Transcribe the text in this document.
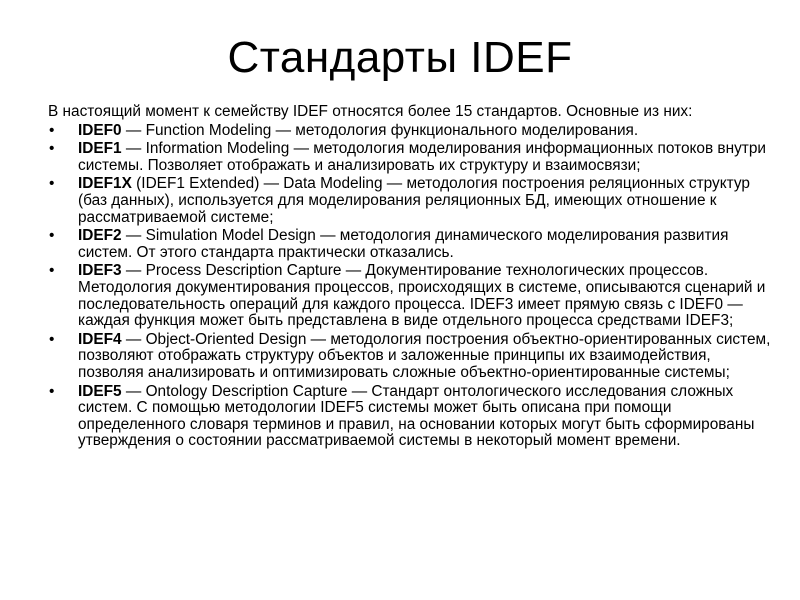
Стандарты IDEF

В настоящий момент к семейству IDEF относятся более 15 стандартов. Основные из них:

• IDEF0 — Function Modeling — методология функционального моделирования.
• IDEF1 — Information Modeling — методология моделирования информационных потоков внутри системы. Позволяет отображать и анализировать их структуру и взаимосвязи;
• IDEF1X (IDEF1 Extended) — Data Modeling — методология построения реляционных структур (баз данных), используется для моделирования реляционных БД, имеющих отношение к рассматриваемой системе;
• IDEF2 — Simulation Model Design — методология динамического моделирования развития систем. От этого стандарта практически отказались.
• IDEF3 — Process Description Capture — Документирование технологических процессов. Методология документирования процессов, происходящих в системе, описываются сценарий и последовательность операций для каждого процесса. IDEF3 имеет прямую связь с IDEF0 — каждая функция может быть представлена в виде отдельного процесса средствами IDEF3;
• IDEF4 — Object-Oriented Design — методология построения объектно-ориентированных систем, позволяют отображать структуру объектов и заложенные принципы их взаимодействия, позволяя анализировать и оптимизировать сложные объектно-ориентированные системы;
• IDEF5 — Ontology Description Capture — Стандарт онтологического исследования сложных систем. С помощью методологии IDEF5 системы может быть описана при помощи определенного словаря терминов и правил, на основании которых могут быть сформированы утверждения о состоянии рассматриваемой системы в некоторый момент времени.
